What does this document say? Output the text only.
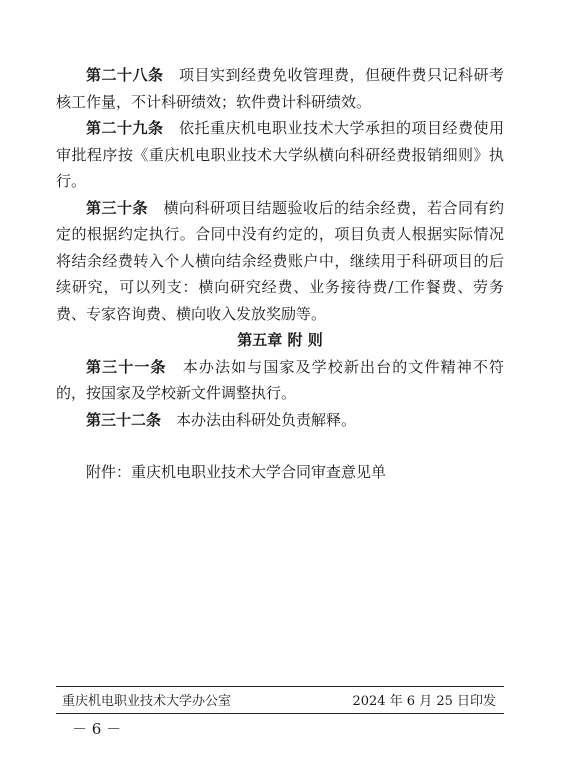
第二十八条 项目实到经费免收管理费，但硬件费只记科研考核工作量，不计科研绩效；软件费计科研绩效。

第二十九条 依托重庆机电职业技术大学承担的项目经费使用审批程序按《重庆机电职业技术大学纵横向科研经费报销细则》执行。

第三十条 横向科研项目结题验收后的结余经费，若合同有约定的根据约定执行。合同中没有约定的，项目负责人根据实际情况将结余经费转入个人横向结余经费账户中，继续用于科研项目的后续研究，可以列支：横向研究经费、业务接待费/工作餐费、劳务费、专家咨询费、横向收入发放奖励等。

第五章 附 则

第三十一条 本办法如与国家及学校新出台的文件精神不符的，按国家及学校新文件调整执行。

第三十二条 本办法由科研处负责解释。

附件：重庆机电职业技术大学合同审查意见单

重庆机电职业技术大学办公室	2024 年 6 月 25 日印发
－ 6 －
